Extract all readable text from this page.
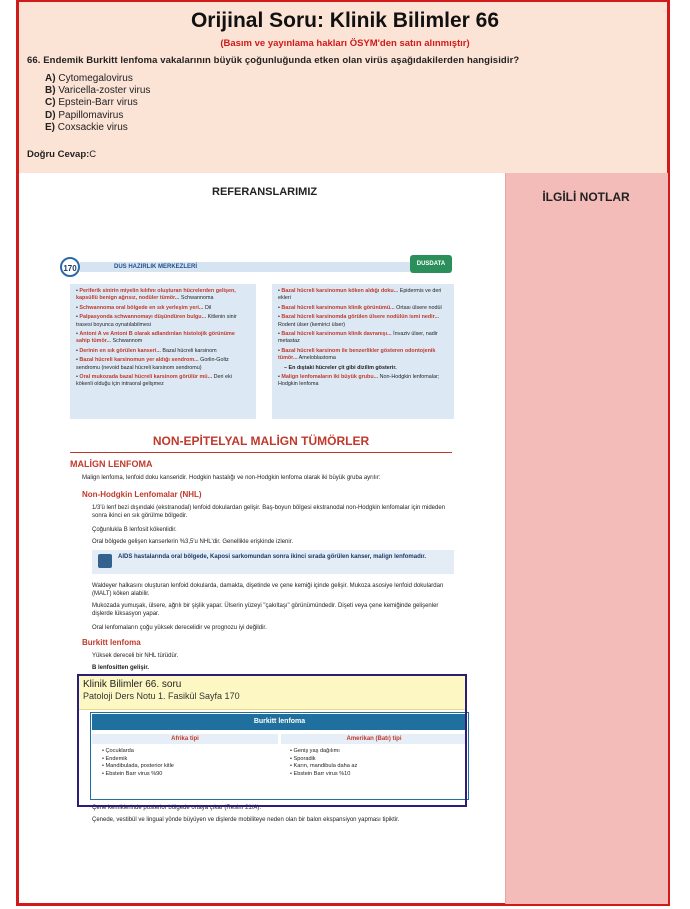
Orijinal Soru: Klinik Bilimler 66
(Basım ve yayınlama hakları ÖSYM'den satın alınmıştır)
66. Endemik Burkitt lenfoma vakalarının büyük çoğunluğunda etken olan virüs aşağıdakilerden hangisidir?
A) Cytomegalovirus
B) Varicella-zoster virus
C) Epstein-Barr virus
D) Papillomavirus
E) Coxsackie virus
Doğru Cevap:C
İLGİLİ NOTLAR
REFERANSLARIMIZ
170	DUS HAZIRLIK MERKEZLERİ	DUSDATA

• Periferik sinirin miyelin kılıfını oluşturan hücrelerden gelişen, kapsüllü benign ağrısız, nodüler tümör... Schwannoma

• Schwannoma oral bölgede en sık yerleşim yeri... Dil

• Palpasyonda schwannomayı düşündüren bulgu... Kitlenin sinir trasesi boyunca oynatılabilmesi

• Antoni A ve Antoni B olarak adlandırılan histolojik görünüme sahip tümör... Schwannom

• Derinin en sık görülen kanseri... Bazal hücreli karsinom

• Bazal hücreli karsinomun yer aldığı sendrom... Gorlin-Goltz sendromu (nevoid bazal hücreli karsinom sendromu)

• Oral mukozada bazal hücreli karsinom görülür mü... Deri eki kökenli olduğu için intraoral gelişmez

• Bazal hücreli karsinomun köken aldığı doku... Epidermis ve deri ekleri

• Bazal hücreli karsinomun klinik görünümü... Ortası ülsere nodül

• Bazal hücreli karsinomda görülen ülsere nodülün ismi nedir... Rodent ülser (kemirici ülser)

• Bazal hücreli karsinomun klinik davranışı... İnvaziv ülser, nadir metastaz

• Bazal hücreli karsinom ile benzerlikler gösteren odontojenik tümör... Ameloblastoma

– En dıştaki hücreler çit gibi dizilim gösterir.

• Malign lenfomaların iki büyük grubu... Non-Hodgkin lenfomalar; Hodgkin lenfoma

NON-EPİTELYAL MALİGN TÜMÖRLER
MALİGN LENFOMA
Malign lenfoma, lenfoid doku kanseridir. Hodgkin hastalığı ve non-Hodgkin lenfoma olarak iki büyük gruba ayrılır:
Non-Hodgkin Lenfomalar (NHL)
1/3'ü lenf bezi dışındaki (ekstranodal) lenfoid dokulardan gelişir. Baş-boyun bölgesi ekstranodal non-Hodgkin lenfomalar için mideden sonra ikinci en sık görülme bölgedir.
Çoğunlukla B lenfosit kökenlidir.
Oral bölgede gelişen kanserlerin %3,5'u NHL'dir. Genellikle erişkinde izlenir.
AIDS hastalarında oral bölgede, Kaposi sarkomundan sonra ikinci sırada görülen kanser, malign lenfomadır.
Waldeyer halkasını oluşturan lenfoid dokularda, damakta, dişetinde ve çene kemiği içinde gelişir. Mukoza asosiye lenfoid dokulardan (MALT) köken alabilir.
Mukozada yumuşak, ülsere, ağrılı bir şişlik yapar. Ülserin yüzeyi "çakıltaşı" görünümündedir. Dişeti veya çene kemiğinde gelişenler dişlerde lüksasyon yapar.
Oral lenfomaların çoğu yüksek derecelidir ve prognozu iyi değildir.
Burkitt lenfoma
Yüksek dereceli bir NHL türüdür.
B lenfositten gelişir.
Burkitt lenfoma
Afrika tipi	Amerikan (Batı) tipi
• Çocuklarda
• Endemik
• Mandibulada, posterior kitle
• Ebstein Barr virus %90
• Geniş yaş dağılımı
• Sporadik
• Karın, mandibula daha az
• Ebstein Barr virus %10
Çene kemiklerinde posterior bölgede ortaya çıkar (Resim 21/A).
Çenede, vestibül ve lingual yönde büyüyen ve dişlerde mobiliteye neden olan bir balon ekspansiyon yapması tipiktir.
Klinik Bilimler 66. soru
Patoloji Ders Notu 1. Fasikül Sayfa 170
